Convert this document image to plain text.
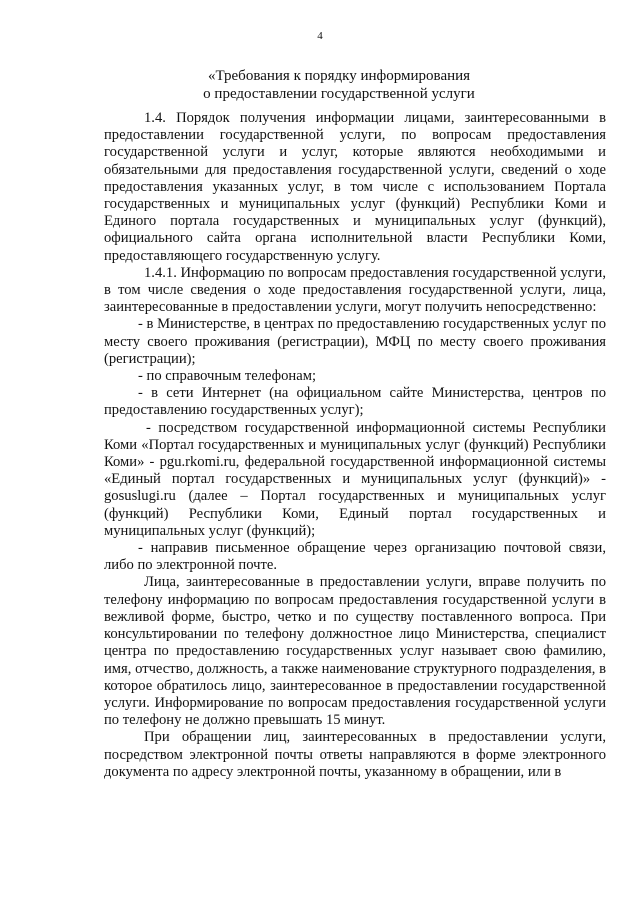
4
«Требования к порядку информирования
о предоставлении государственной услуги

1.4. Порядок получения информации лицами, заинтересованными в предоставлении государственной услуги, по вопросам предоставления государственной услуги и услуг, которые являются необходимыми и обязательными для предоставления государственной услуги, сведений о ходе предоставления указанных услуг, в том числе с использованием Портала государственных и муниципальных услуг (функций) Республики Коми и Единого портала государственных и муниципальных услуг (функций), официального сайта органа исполнительной власти Республики Коми, предоставляющего государственную услугу.

1.4.1. Информацию по вопросам предоставления государственной услуги, в том числе сведения о ходе предоставления государственной услуги, лица, заинтересованные в предоставлении услуги, могут получить непосредственно:

- в Министерстве, в центрах по предоставлению государственных услуг по месту своего проживания (регистрации), МФЦ по месту своего проживания (регистрации);

- по справочным телефонам;

- в сети Интернет (на официальном сайте Министерства, центров по предоставлению государственных услуг);

- посредством государственной информационной системы Республики Коми «Портал государственных и муниципальных услуг (функций) Республики Коми» - pgu.rkomi.ru, федеральной государственной информационной системы «Единый портал государственных и муниципальных услуг (функций)» - gosuslugi.ru (далее – Портал государственных и муниципальных услуг (функций) Республики Коми, Единый портал государственных и муниципальных услуг (функций);

- направив письменное обращение через организацию почтовой связи, либо по электронной почте.

Лица, заинтересованные в предоставлении услуги, вправе получить по телефону информацию по вопросам предоставления государственной услуги в вежливой форме, быстро, четко и по существу поставленного вопроса. При консультировании по телефону должностное лицо Министерства, специалист центра по предоставлению государственных услуг называет свою фамилию, имя, отчество, должность, а также наименование структурного подразделения, в которое обратилось лицо, заинтересованное в предоставлении государственной услуги. Информирование по вопросам предоставления государственной услуги по телефону не должно превышать 15 минут.

При обращении лиц, заинтересованных в предоставлении услуги, посредством электронной почты ответы направляются в форме электронного документа по адресу электронной почты, указанному в обращении, или в
